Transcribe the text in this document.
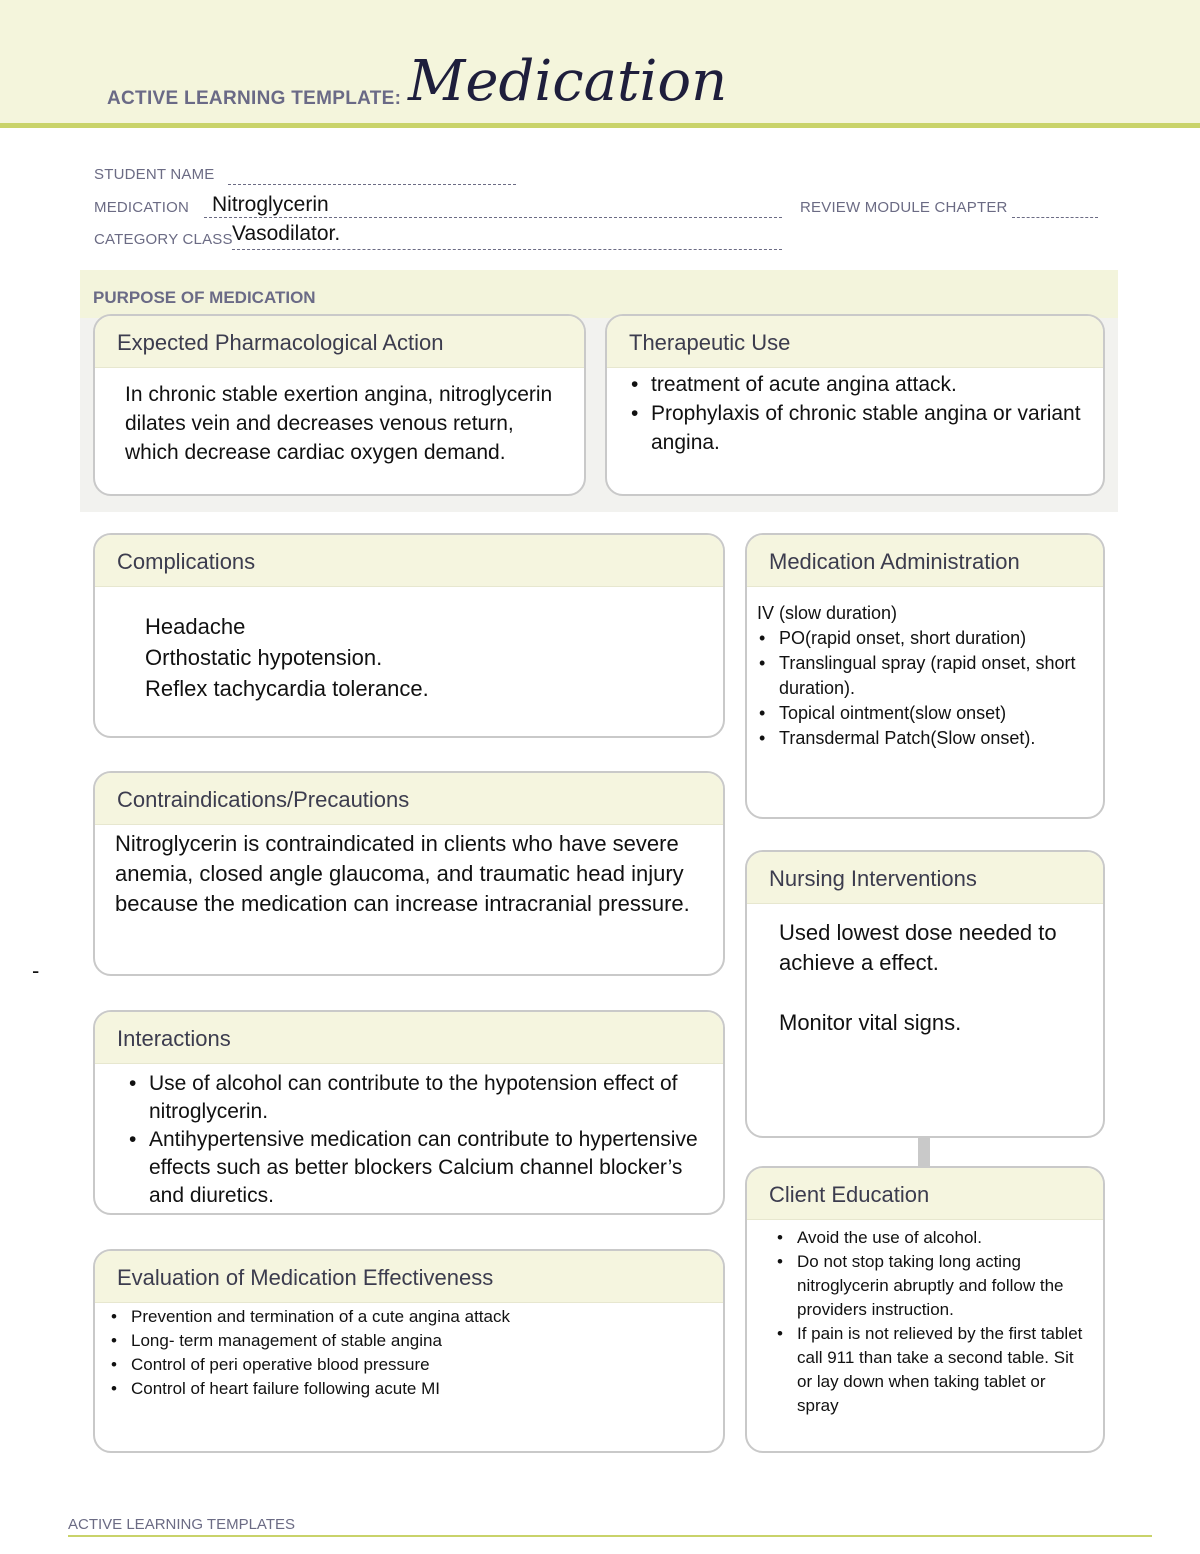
ACTIVE LEARNING TEMPLATE: Medication
STUDENT NAME
MEDICATION Nitroglycerin	REVIEW MODULE CHAPTER
CATEGORY CLASS Vasodilator.
PURPOSE OF MEDICATION
Expected Pharmacological Action
In chronic stable exertion angina, nitroglycerin dilates vein and decreases venous return, which decrease cardiac oxygen demand.
Therapeutic Use
• treatment of acute angina attack.
• Prophylaxis of chronic stable angina or variant angina.
Complications

Headache

Orthostatic hypotension.

Reflex tachycardia tolerance.

Medication Administration
IV (slow duration)
• PO(rapid onset, short duration)
• Translingual spray (rapid onset, short duration).
• Topical ointment(slow onset)
• Transdermal Patch(Slow onset).
Contraindications/Precautions
Nitroglycerin is contraindicated in clients who have severe anemia, closed angle glaucoma, and traumatic head injury because the medication can increase intracranial pressure.
Nursing Interventions

Used lowest dose needed to achieve a effect.

Monitor vital signs.

-
Interactions
• Use of alcohol can contribute to the hypotension effect of nitroglycerin.
• Antihypertensive medication can contribute to hypertensive effects such as better blockers Calcium channel blocker’s and diuretics.	Client Education
• Avoid the use of alcohol.
• Do not stop taking long acting nitroglycerin abruptly and follow the providers instruction.
• If pain is not relieved by the first tablet call 911 than take a second table. Sit or lay down when taking tablet or spray
Evaluation of Medication Effectiveness
• Prevention and termination of a cute angina attack
• Long- term management of stable angina
• Control of peri operative blood pressure
• Control of heart failure following acute MI
ACTIVE LEARNING TEMPLATES
